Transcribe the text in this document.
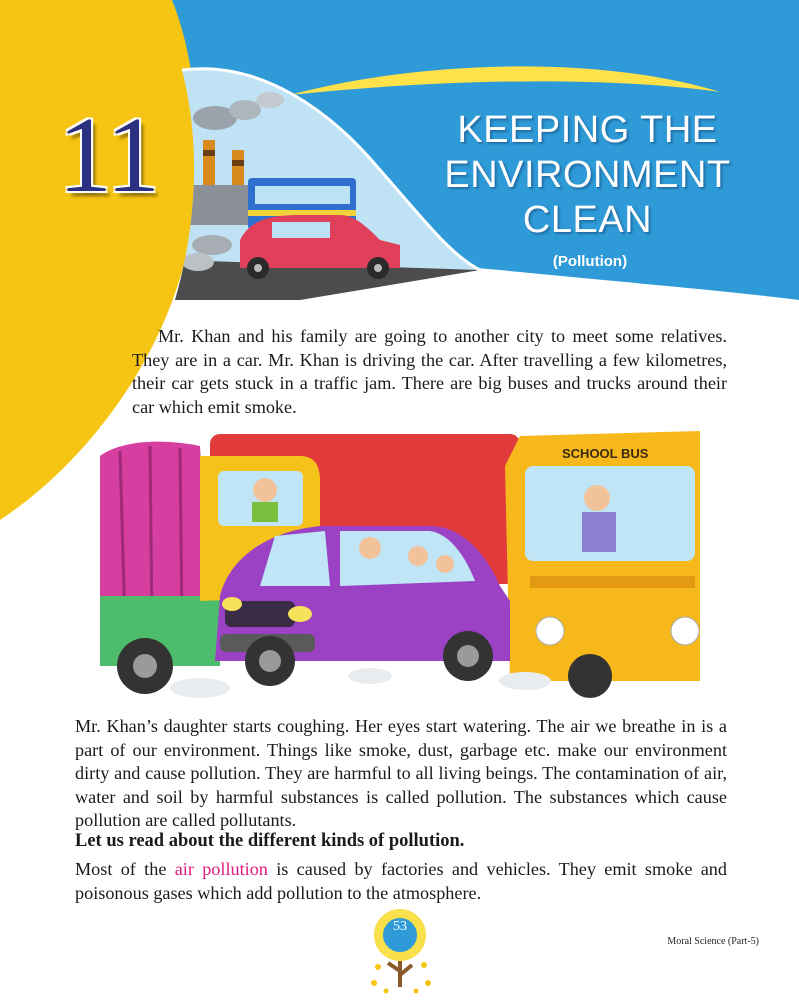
11	KEEPING THE
ENVIRONMENT
CLEAN
(Pollution)

Mr. Khan and his family are going to another city to meet some relatives. They are in a car. Mr. Khan is driving the car. After travelling a few kilometres, their car gets stuck in a traffic jam. There are big buses and trucks around their car which emit smoke.

SCHOOL BUS

Mr. Khan’s daughter starts coughing. Her eyes start watering. The air we breathe in is a part of our environment. Things like smoke, dust, garbage etc. make our environment dirty and cause pollution. They are harmful to all living beings. The contamination of air, water and soil by harmful substances is called pollution. The substances which cause pollution are called pollutants.

Let us read about the different kinds of pollution.

Most of the air pollution is caused by factories and vehicles. They emit smoke and poisonous gases which add pollution to the atmosphere.

53
Moral Science (Part-5)
